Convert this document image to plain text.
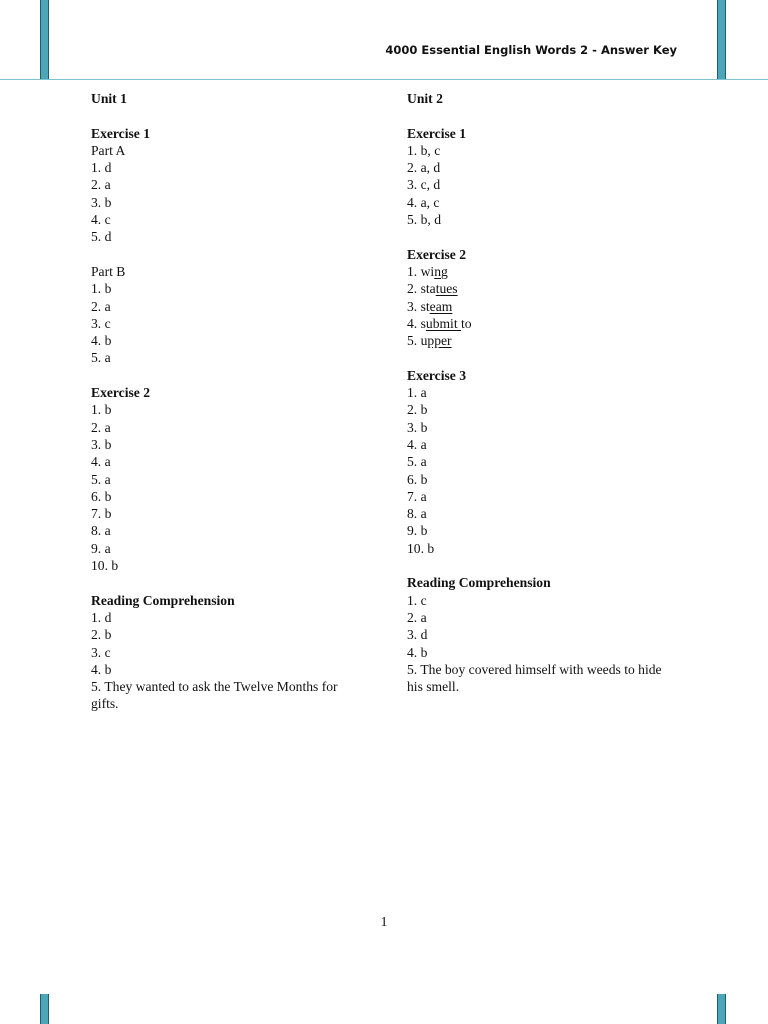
4000 Essential English Words 2 - Answer Key
Unit 1
Exercise 1
Part A
1. d
2. a
3. b
4. c
5. d
Part B
1. b
2. a
3. c
4. b
5. a
Exercise 2
1. b
2. a
3. b
4. a
5. a
6. b
7. b
8. a
9. a
10. b
Reading Comprehension
1. d
2. b
3. c
4. b
5. They wanted to ask the Twelve Months for gifts.
Unit 2
Exercise 1
1. b, c
2. a, d
3. c, d
4. a, c
5. b, d
Exercise 2
1. wing
2. statues
3. steam
4. submit to
5. upper
Exercise 3
1. a
2. b
3. b
4. a
5. a
6. b
7. a
8. a
9. b
10. b
Reading Comprehension
1. c
2. a
3. d
4. b
5. The boy covered himself with weeds to hide his smell.
1
